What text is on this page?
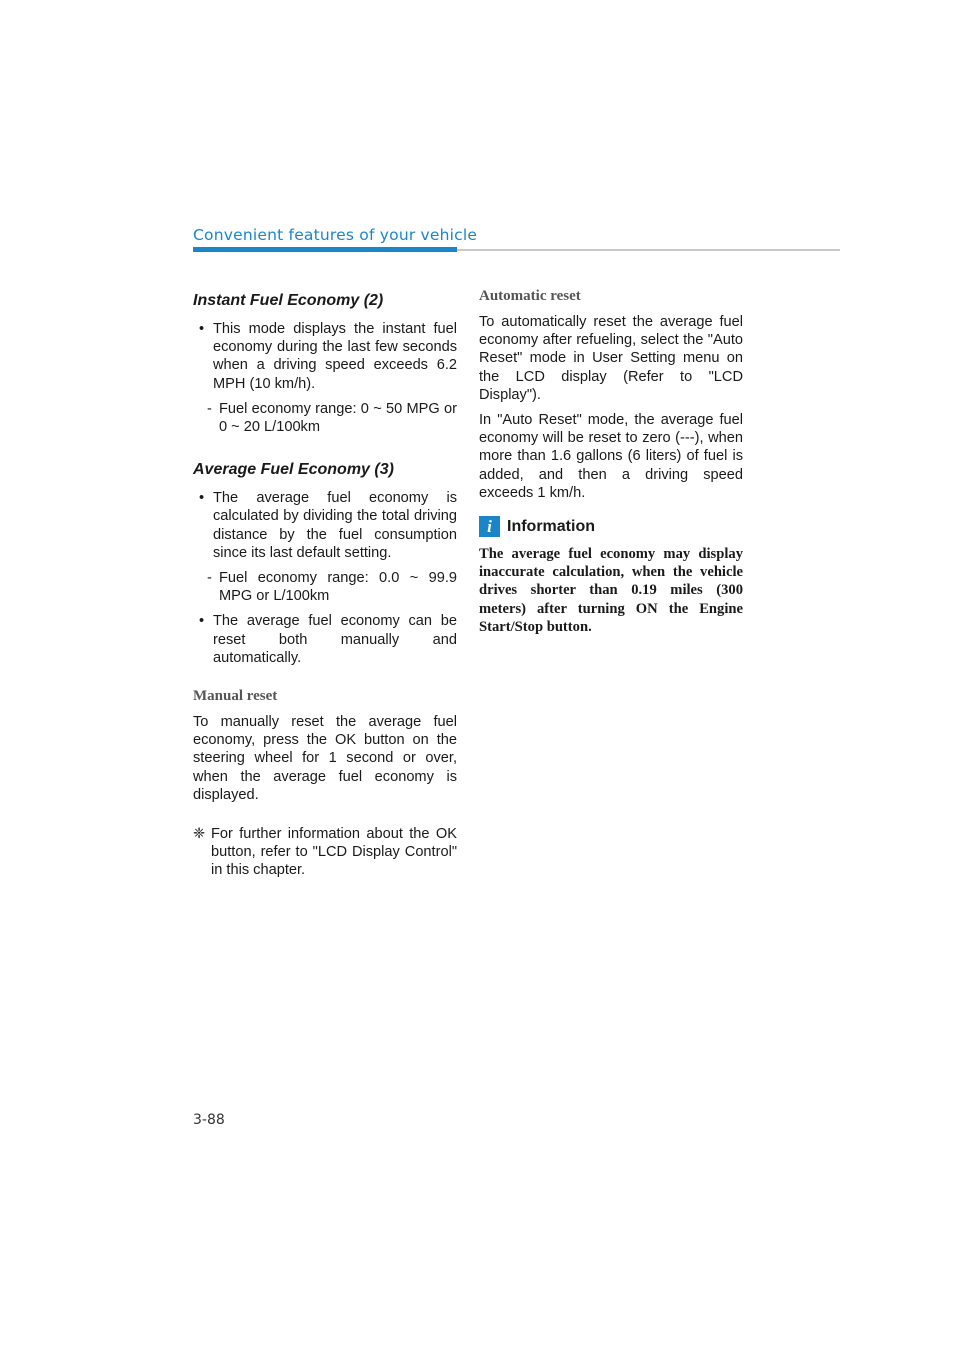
Convenient features of your vehicle
Instant Fuel Economy (2)
• This mode displays the instant fuel economy during the last few seconds when a driving speed exceeds 6.2 MPH (10 km/h).
- Fuel economy range: 0 ~ 50 MPG or 0 ~ 20 L/100km
Average Fuel Economy (3)
• The average fuel economy is calculated by dividing the total driving distance by the fuel consumption since its last default setting.
- Fuel economy range: 0.0 ~ 99.9 MPG or L/100km
• The average fuel economy can be reset both manually and automatically.
Manual reset

To manually reset the average fuel economy, press the OK button on the steering wheel for 1 second or over, when the average fuel economy is displayed.

❈ For further information about the OK button, refer to "LCD Display Control" in this chapter.
Automatic reset

To automatically reset the average fuel economy after refueling, select the "Auto Reset" mode in User Setting menu on the LCD display (Refer to "LCD Display").

In "Auto Reset" mode, the average fuel economy will be reset to zero (---), when more than 1.6 gallons (6 liters) of fuel is added, and then a driving speed exceeds 1 km/h.

i Information
The average fuel economy may display inaccurate calculation, when the vehicle drives shorter than 0.19 miles (300 meters) after turning ON the Engine Start/Stop button.
3-88
